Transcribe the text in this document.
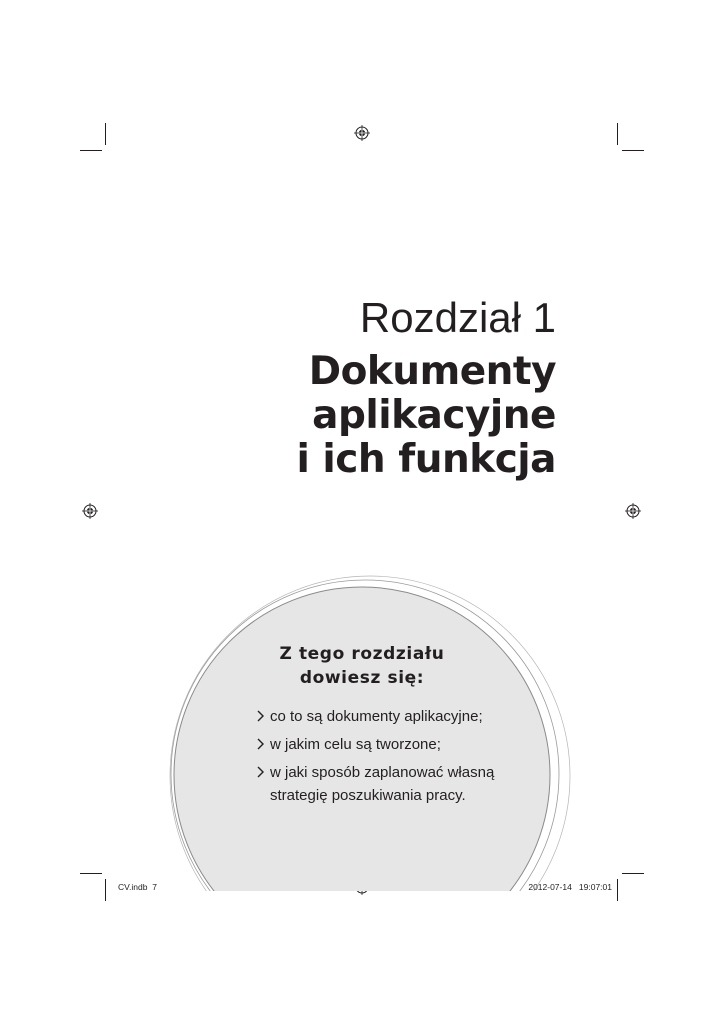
Rozdział 1
Dokumenty
aplikacyjne
i ich funkcja
Z tego rozdziału
dowiesz się:
co to są dokumenty aplikacyjne;
w jakim celu są tworzone;
w jaki sposób zaplanować własną
strategię poszukiwania pracy.
CV.indb 7	2012-07-14   19:07:01
